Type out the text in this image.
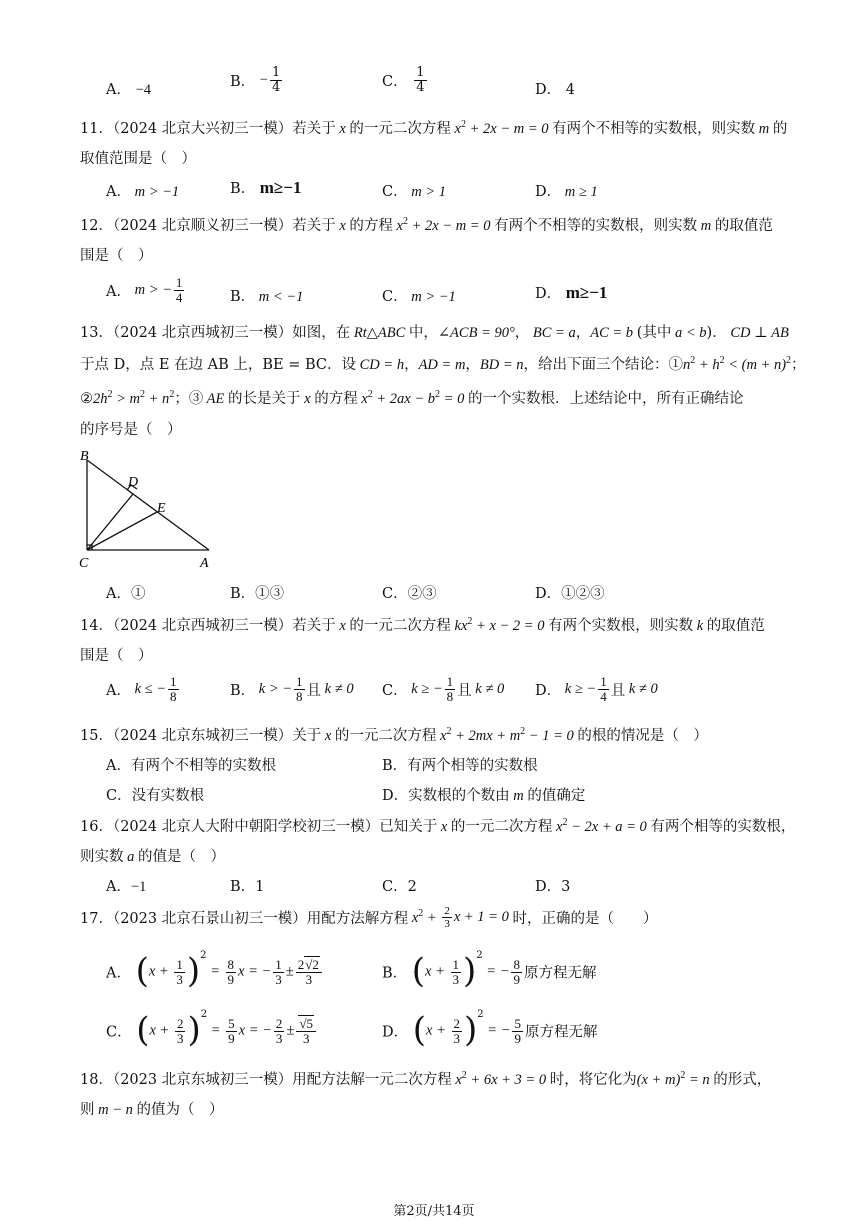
A． −4	B． − $\frac{1}{4}$	C． $\frac{1}{4}$	D． 4
11．（2024 北京大兴初三一模）若关于 x 的一元二次方程 $x^2 + 2x - m = 0$ 有两个不相等的实数根，则实数 m 的
取值范围是（　）
A． m > −1	B． m≥−1	C． m > 1	D． m ≥ 1
12．（2024 北京顺义初三一模）若关于 x 的方程 $x^2 + 2x - m = 0$ 有两个不相等的实数根，则实数 m 的取值范
围是（　）
A． m > − $\frac{1}{4}$	B． m < −1	C． m > −1	D． m≥−1
13．（2024 北京西城初三一模）如图，在 Rt△ABC 中，∠ACB = 90°， BC = a，AC = b (其中 a < b)． CD ⊥ AB
于点 D，点 E 在边 AB 上，BE = BC．设 CD = h，AD = m，BD = n，给出下面三个结论：$①n^2 + h^2 < (m + n)^2$；
$②2h^2 > m^2 + n^2$；③ AE 的长是关于 x 的方程 $x^2 + 2ax - b^2 = 0$ 的一个实数根．上述结论中，所有正确结论
的序号是（　）
B
D
E
C	A
A．①	B．①③	C．②③	D．①②③
14．（2024 北京西城初三一模）若关于 x 的一元二次方程 $kx^2 + x - 2 = 0$ 有两个实数根，则实数 k 的取值范
围是（　）
A． k ≤ − $\frac{1}{8}$	B． k > − $\frac{1}{8}$ 且 k ≠ 0 C． k ≥ − $\frac{1}{8}$ 且 k ≠ 0 D． k ≥ − $\frac{1}{4}$ 且 k ≠ 0
15．（2024 北京东城初三一模）关于 x 的一元二次方程 $x^2 + 2mx + m^2 - 1 = 0$ 的根的情况是（　）
A．有两个不相等的实数根	B．有两个相等的实数根
C．没有实数根	D．实数根的个数由 m 的值确定
16．（2024 北京人大附中朝阳学校初三一模）已知关于 x 的一元二次方程 $x^2 - 2x + a = 0$ 有两个相等的实数根，
则实数 a 的值是（　）
A．−1	B．1	C．2	D．3
17．（2023 北京石景山初三一模）用配方法解方程 $x^2 + \frac{2}{3}$ x + 1 = 0 时，正确的是（　　）
A． $(x + \frac{1}{3} )^2 = \frac{8}{9}$ x = − $\frac{1}{3} \pm \frac{2√2}{3}$	B． $(x + \frac{1}{3} )^2$ = − $\frac{8}{9}$ 原方程无解
C． $(x + \frac{2}{3} )^2 = \frac{5}{9}$ x = − $\frac{2}{3} \pm \frac{√5}{3}$	D． $(x + \frac{2}{3} )^2$ = − $\frac{5}{9}$ 原方程无解
18．（2023 北京东城初三一模）用配方法解一元二次方程 $x^2 + 6x + 3 = 0$ 时，将它化为$(x + m)^2 = n$ 的形式，
则 m − n 的值为（　）
第2页/共14页
